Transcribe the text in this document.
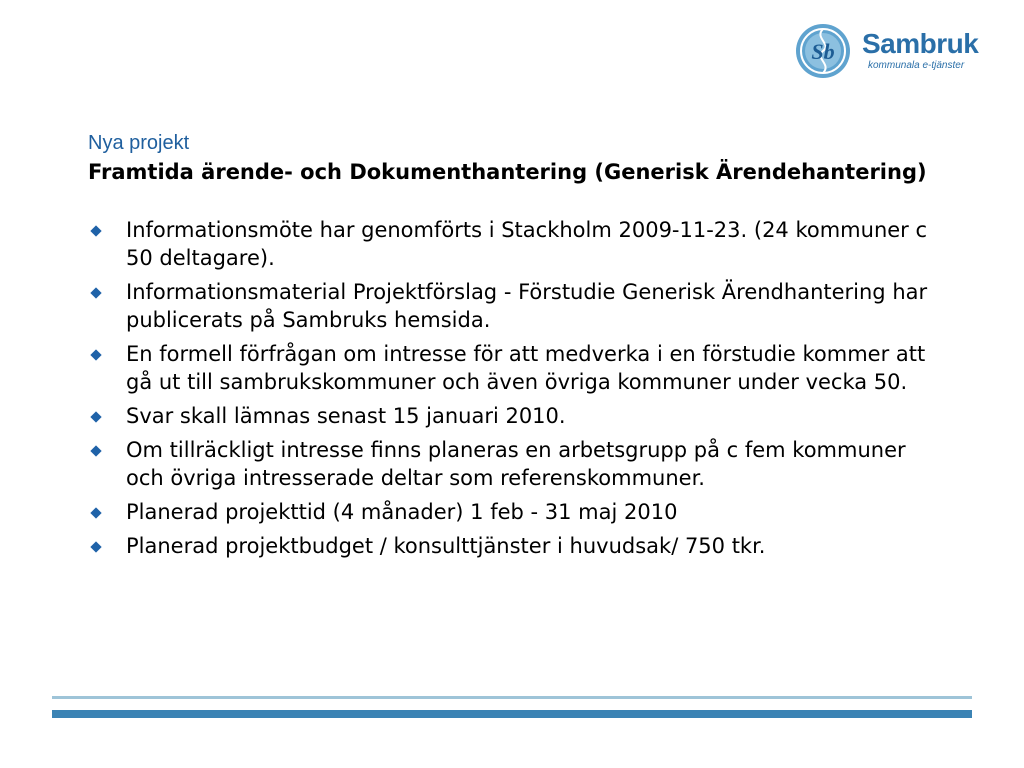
Sb Sambruk
kommunala e-tjänster
Nya projekt
Framtida ärende- och Dokumenthantering (Generisk Ärendehantering)
Informationsmöte har genomförts i Stackholm 2009-11-23. (24 kommuner c 50 deltagare).
Informationsmaterial Projektförslag - Förstudie Generisk Ärendhantering har publicerats på Sambruks hemsida.
En formell förfrågan om intresse för att medverka i en förstudie kommer att gå ut till sambrukskommuner och även övriga kommuner under vecka 50.
Svar skall lämnas senast 15 januari 2010.
Om tillräckligt intresse finns planeras en arbetsgrupp på c fem kommuner och övriga intresserade deltar som referenskommuner.
Planerad projekttid (4 månader) 1 feb - 31 maj 2010
Planerad projektbudget / konsulttjänster i huvudsak/ 750 tkr.
